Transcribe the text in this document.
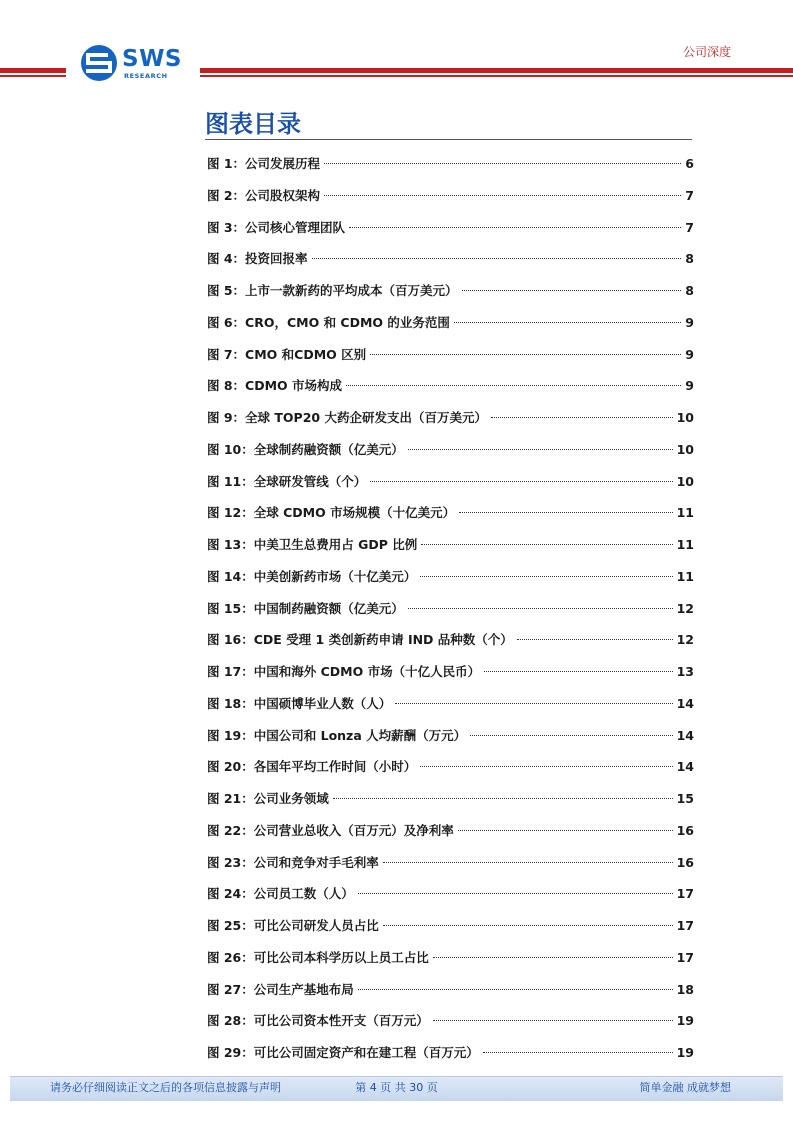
SWS
RESEARCH
公司深度
图表目录
图 1：公司发展历程	6
图 2：公司股权架构	7
图 3：公司核心管理团队	7
图 4：投资回报率	8
图 5：上市一款新药的平均成本（百万美元）	8
图 6：CRO，CMO 和 CDMO 的业务范围	9
图 7：CMO 和CDMO 区别	9
图 8：CDMO 市场构成	9
图 9：全球 TOP20 大药企研发支出（百万美元）	10
图 10：全球制药融资额（亿美元）	10
图 11：全球研发管线（个）	10
图 12：全球 CDMO 市场规模（十亿美元）	11
图 13：中美卫生总费用占 GDP 比例	11
图 14：中美创新药市场（十亿美元）	11
图 15：中国制药融资额（亿美元）	12
图 16：CDE 受理 1 类创新药申请 IND 品种数（个）	12
图 17：中国和海外 CDMO 市场（十亿人民币）	13
图 18：中国硕博毕业人数（人）	14
图 19：中国公司和 Lonza 人均薪酬（万元）	14
图 20：各国年平均工作时间（小时）	14
图 21：公司业务领域	15
图 22：公司营业总收入（百万元）及净利率	16
图 23：公司和竞争对手毛利率	16
图 24：公司员工数（人）	17
图 25：可比公司研发人员占比	17
图 26：可比公司本科学历以上员工占比	17
图 27：公司生产基地布局	18
图 28：可比公司资本性开支（百万元）	19
图 29：可比公司固定资产和在建工程（百万元）	19
请务必仔细阅读正文之后的各项信息披露与声明	第 4 页 共 30 页	简单金融 成就梦想
